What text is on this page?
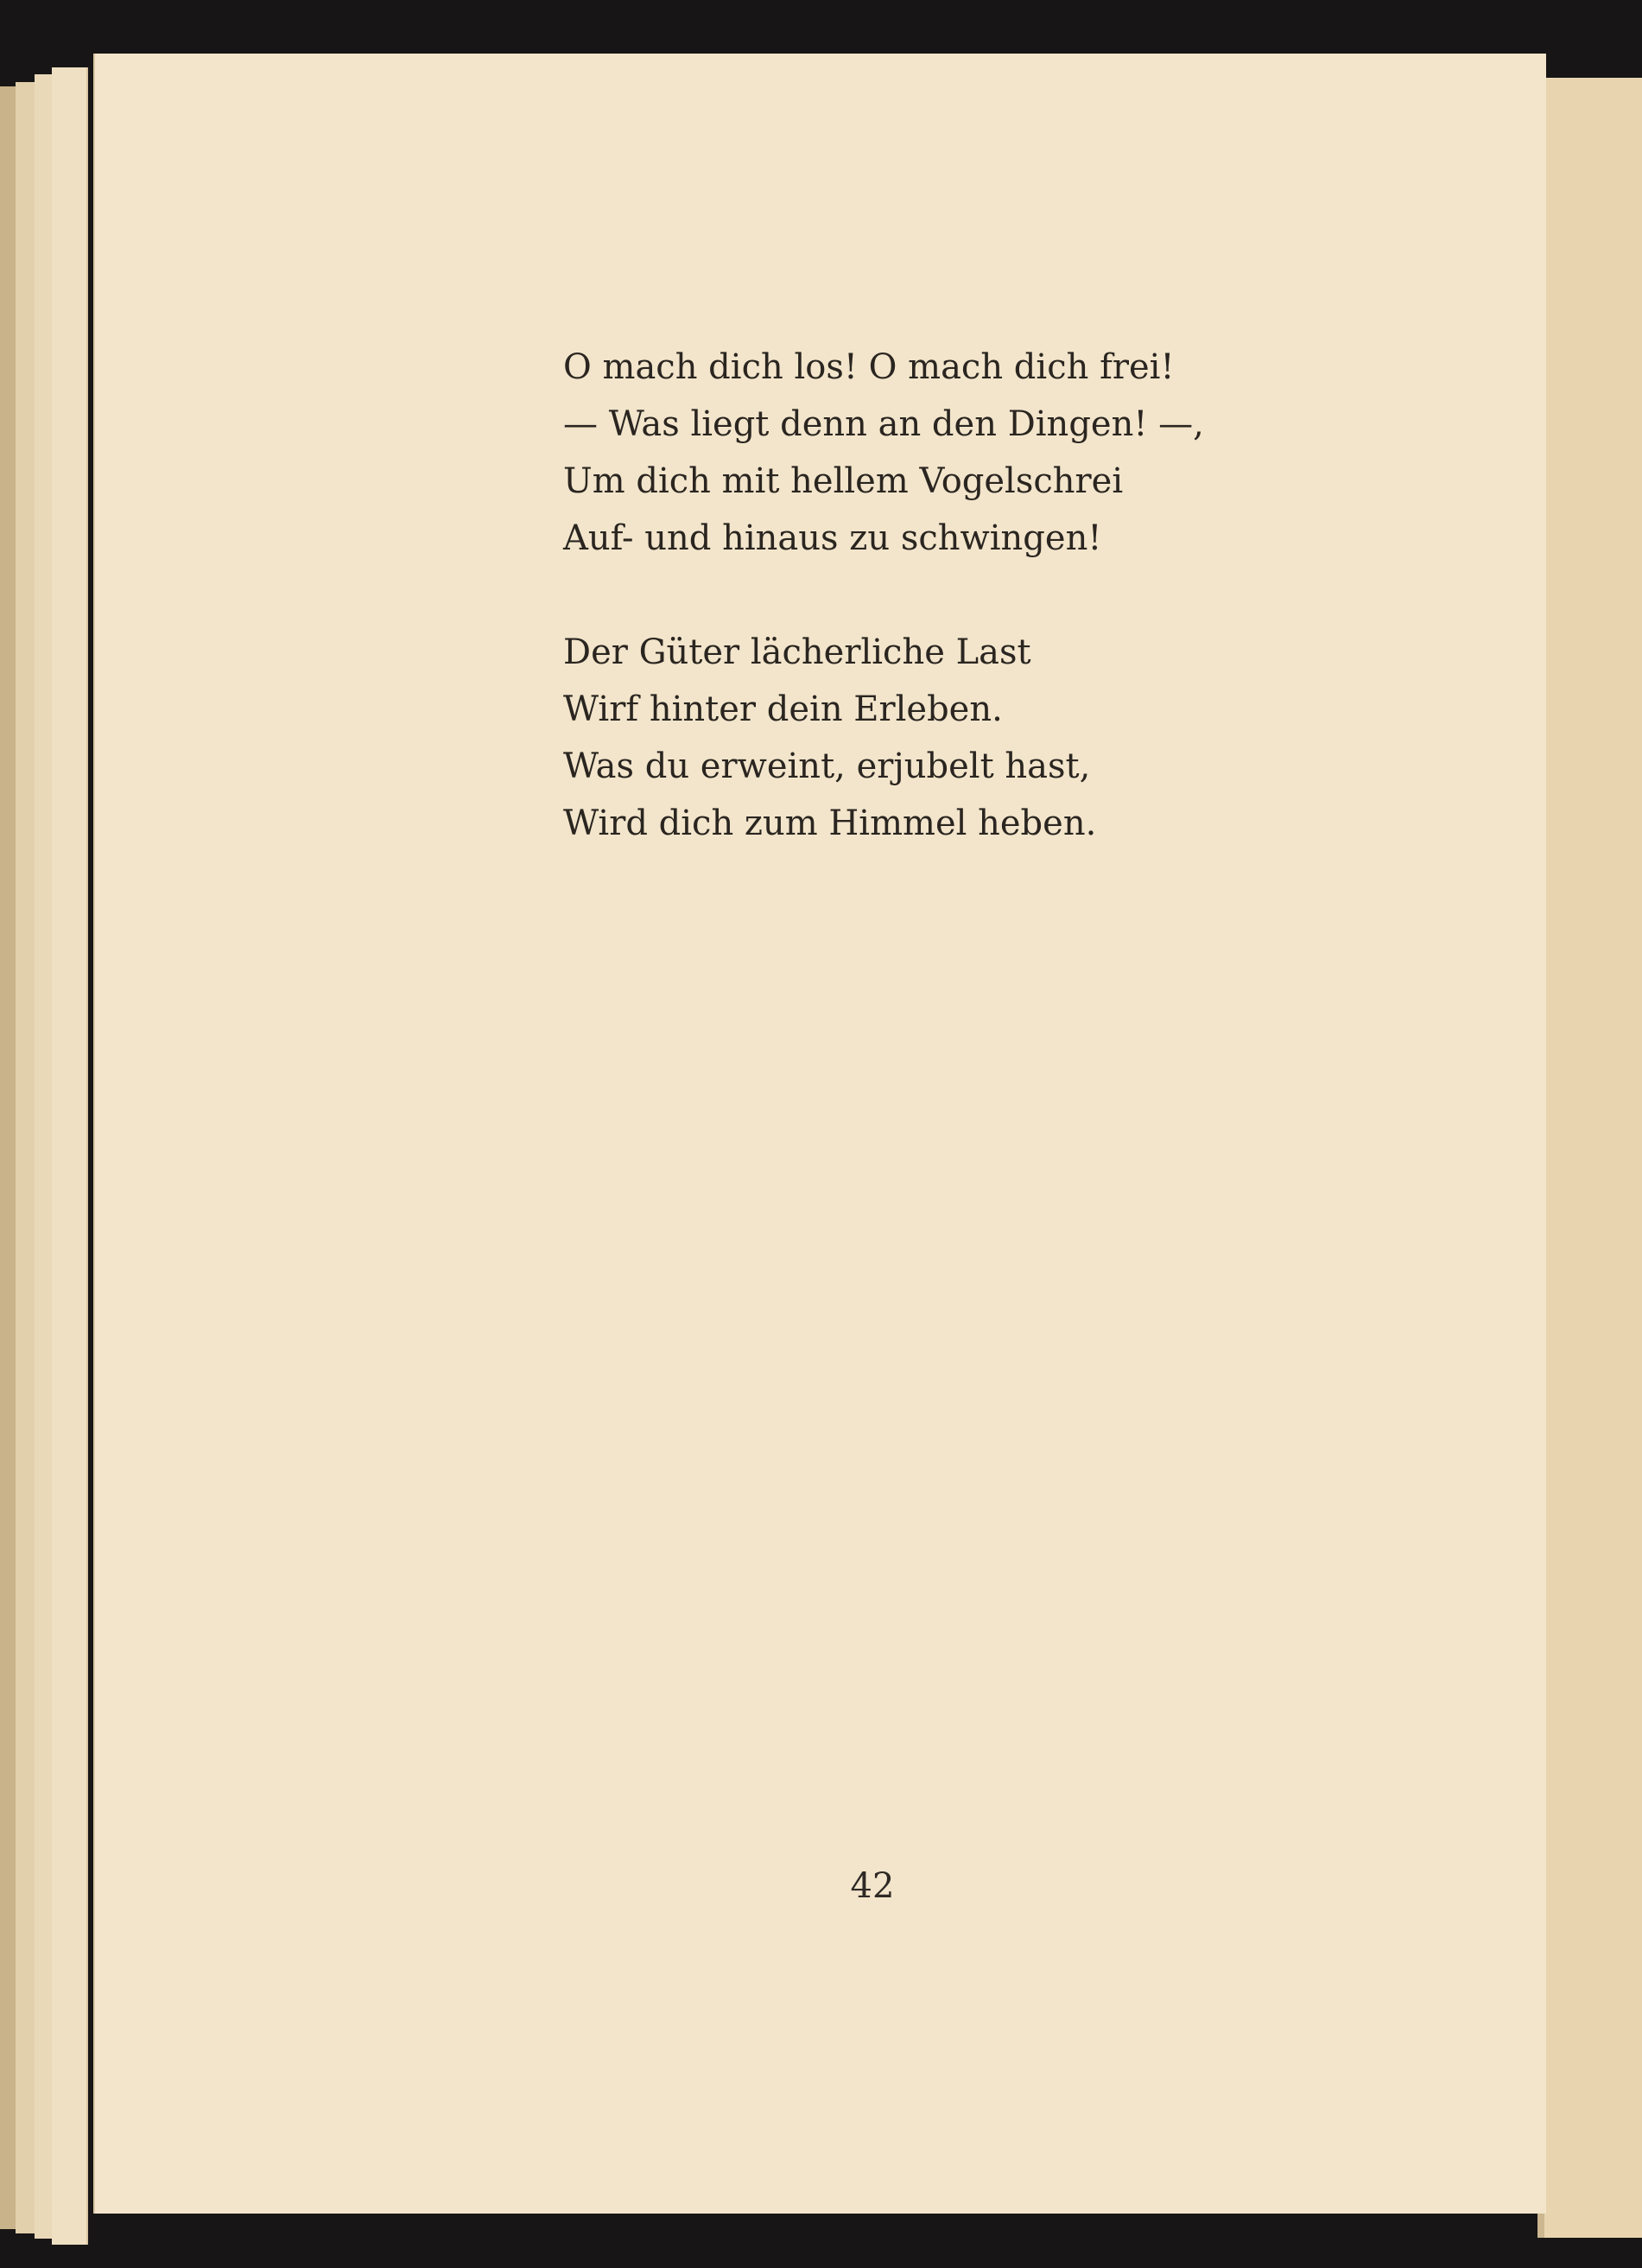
O mach dich los! O mach dich frei!
— Was liegt denn an den Dingen! —,
Um dich mit hellem Vogelschrei
Auf- und hinaus zu schwingen!
Der Güter lächerliche Last
Wirf hinter dein Erleben.
Was du erweint, erjubelt hast,
Wird dich zum Himmel heben.
42
